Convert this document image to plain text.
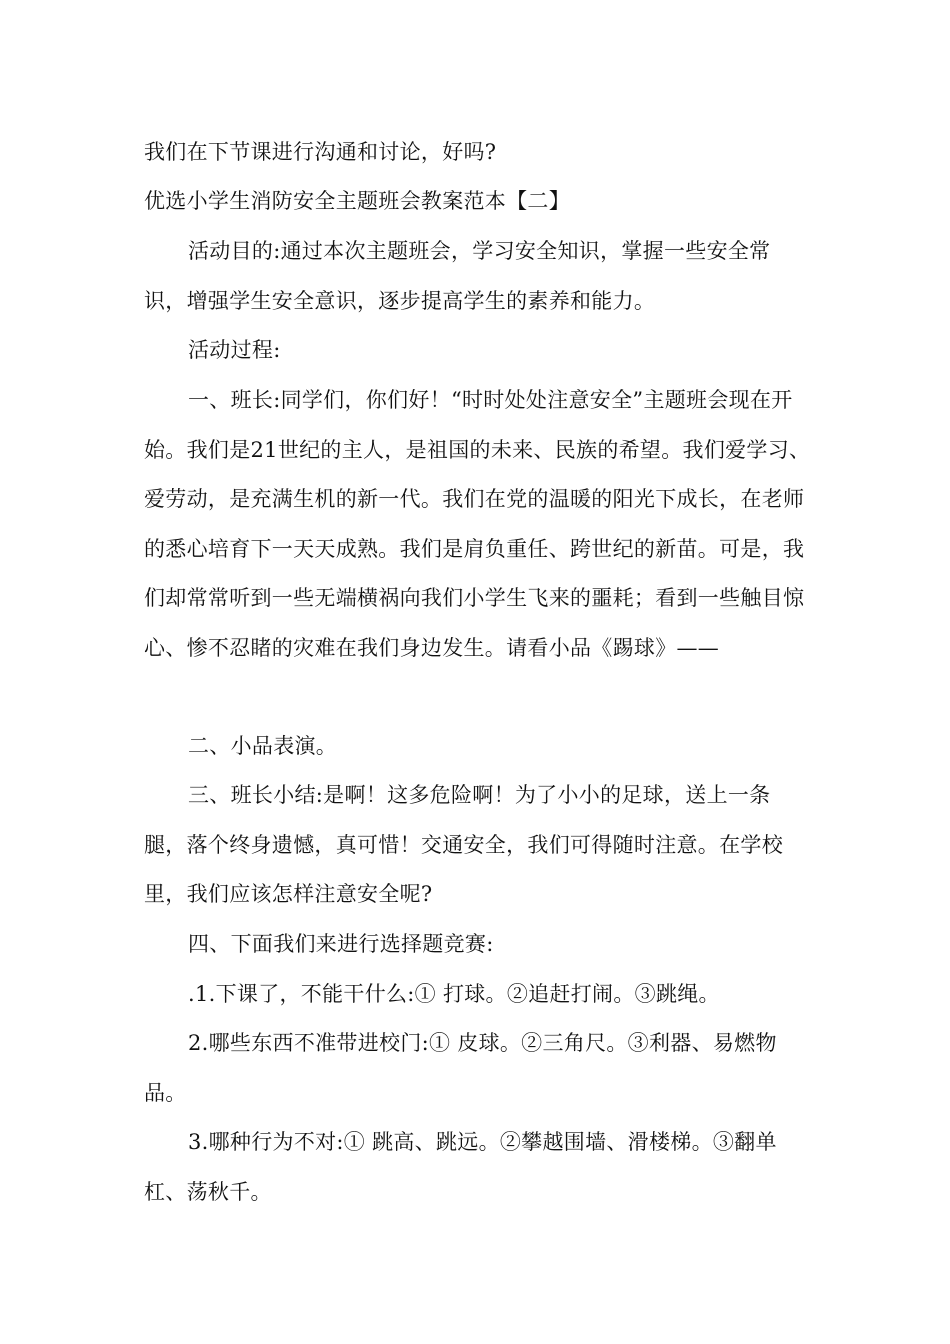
我们在下节课进行沟通和讨论，好吗?

优选小学生消防安全主题班会教案范本【二】

活动目的:通过本次主题班会，学习安全知识，掌握一些安全常识，增强学生安全意识，逐步提高学生的素养和能力。

活动过程:

一、班长:同学们，你们好！“时时处处注意安全”主题班会现在开始。我们是21世纪的主人，是祖国的未来、民族的希望。我们爱学习、爱劳动，是充满生机的新一代。我们在党的温暖的阳光下成长，在老师的悉心培育下一天天成熟。我们是肩负重任、跨世纪的新苗。可是，我们却常常听到一些无端横祸向我们小学生飞来的噩耗；看到一些触目惊心、惨不忍睹的灾难在我们身边发生。请看小品《踢球》——

二、小品表演。

三、班长小结:是啊！这多危险啊！为了小小的足球，送上一条腿，落个终身遗憾，真可惜！交通安全，我们可得随时注意。在学校里，我们应该怎样注意安全呢?

四、下面我们来进行选择题竞赛:

.1.下课了，不能干什么:① 打球。②追赶打闹。③跳绳。

2.哪些东西不准带进校门:① 皮球。②三角尺。③利器、易燃物品。

3.哪种行为不对:① 跳高、跳远。②攀越围墙、滑楼梯。③翻单杠、荡秋千。
